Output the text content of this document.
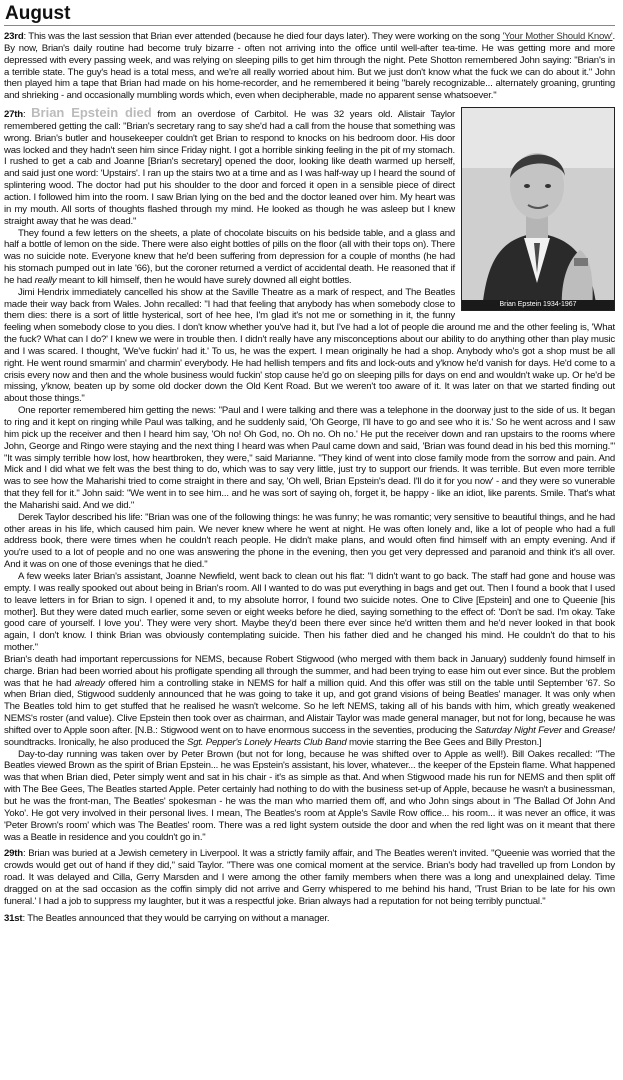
August

23rd: This was the last session that Brian ever attended (because he died four days later). They were working on the song 'Your Mother Should Know'. By now, Brian's daily routine had become truly bizarre - often not arriving into the office until well-after tea-time. He was getting more and more depressed with every passing week, and was relying on sleeping pills to get him through the night. Pete Shotton remembered John saying: "Brian's in a terrible state. The guy's head is a total mess, and we're all really worried about him. But we just don't know what the fuck we can do about it." John then played him a tape that Brian had made on his home-recorder, and he remembered it being "barely recognizable... alternately groaning, grunting and shrieking - and occasionally mumbling words which, even when decipherable, made no apparent sense whatsoever."

Brian Epstein 1934-1967

27th: Brian Epstein died from an overdose of Carbitol. He was 32 years old. Alistair Taylor remembered getting the call: "Brian's secretary rang to say she'd had a call from the house that something was wrong. Brian's butler and housekeeper couldn't get Brian to respond to knocks on his bedroom door. His door was locked and they hadn't seen him since Friday night. I got a horrible sinking feeling in the pit of my stomach. I rushed to get a cab and Joanne [Brian's secretary] opened the door, looking like death warmed up herself, and said just one word: 'Upstairs'. I ran up the stairs two at a time and as I was half-way up I heard the sound of splintering wood. The doctor had put his shoulder to the door and forced it open in a sensible piece of direct action. I followed him into the room. I saw Brian lying on the bed and the doctor leaned over him. My heart was in my mouth. All sorts of thoughts flashed through my mind. He looked as though he was asleep but I knew straight away that he was dead."

They found a few letters on the sheets, a plate of chocolate biscuits on his bedside table, and a glass and half a bottle of lemon on the side. There were also eight bottles of pills on the floor (all with their tops on). There was no suicide note. Everyone knew that he'd been suffering from depression for a couple of months (he had his stomach pumped out in late '66), but the coroner returned a verdict of accidental death. He reasoned that if he had really meant to kill himself, then he would have surely downed all eight bottles.

Jimi Hendrix immediately cancelled his show at the Saville Theatre as a mark of respect, and The Beatles made their way back from Wales. John recalled: "I had that feeling that anybody has when somebody close to them dies: there is a sort of little hysterical, sort of hee hee, I'm glad it's not me or something in it, the funny feeling when somebody close to you dies. I don't know whether you've had it, but I've had a lot of people die around me and the other feeling is, 'What the fuck? What can I do?' I knew we were in trouble then. I didn't really have any misconceptions about our ability to do anything other than play music and I was scared. I thought, 'We've fuckin' had it.' To us, he was the expert. I mean originally he had a shop. Anybody who's got a shop must be all right. He went round smarmin' and charmin' everybody. He had hellish tempers and fits and lock-outs and y'know he'd vanish for days. He'd come to a crisis every now and then and the whole business would fuckin' stop cause he'd go on sleeping pills for days on end and wouldn't wake up. Or he'd be missing, y'know, beaten up by some old docker down the Old Kent Road. But we weren't too aware of it. It was later on that we started finding out about those things."

One reporter remembered him getting the news: "Paul and I were talking and there was a telephone in the doorway just to the side of us. It began to ring and it kept on ringing while Paul was talking, and he suddenly said, 'Oh George, I'll have to go and see who it is.' So he went across and I saw him pick up the receiver and then I heard him say, 'Oh no! Oh God, no. Oh no. Oh no.' He put the receiver down and ran upstairs to the rooms where John, George and Ringo were staying and the next thing I heard was when Paul came down and said, 'Brian was found dead in his bed this morning.'" "It was simply terrible how lost, how heartbroken, they were," said Marianne. "They kind of went into close family mode from the sorrow and pain. And Mick and I did what we felt was the best thing to do, which was to say very little, just try to support our friends. It was terrible. But even more terrible was to see how the Maharishi tried to come straight in there and say, 'Oh well, Brian Epstein's dead. I'll do it for you now' - and they were so vunerable that they fell for it." John said: "We went in to see him... and he was sort of saying oh, forget it, be happy - like an idiot, like parents. Smile. That's what the Maharishi said. And we did."

Derek Taylor described his life: "Brian was one of the following things: he was funny; he was romantic; very sensitive to beautiful things, and he had other areas in his life, which caused him pain. We never knew where he went at night. He was often lonely and, like a lot of people who had a full address book, there were times when he couldn't reach people. He didn't make plans, and would often find himself with an empty evening. And if you're used to a lot of people and no one was answering the phone in the evening, then you get very depressed and paranoid and think it's all over. And it was on one of those evenings that he died."

A few weeks later Brian's assistant, Joanne Newfield, went back to clean out his flat: "I didn't want to go back. The staff had gone and house was empty. I was really spooked out about being in Brian's room. All I wanted to do was put everything in bags and get out. Then I found a book that I used to leave letters in for Brian to sign. I opened it and, to my absolute horror, I found two suicide notes. One to Clive [Epstein] and one to Queenie [his mother]. But they were dated much earlier, some seven or eight weeks before he died, saying something to the effect of: 'Don't be sad. I'm okay. Take good care of yourself. I love you'. They were very short. Maybe they'd been there ever since he'd written them and he'd never looked in that book again, I don't know. I think Brian was obviously contemplating suicide. Then his father died and he changed his mind. He couldn't do that to his mother."

Brian's death had important repercussions for NEMS, because Robert Stigwood (who merged with them back in January) suddenly found himself in charge. Brian had been worried about his profligate spending all through the summer, and had been trying to ease him out ever since. But the problem was that he had already offered him a controlling stake in NEMS for half a million quid. And this offer was still on the table until September '67. So when Brian died, Stigwood suddenly announced that he was going to take it up, and got grand visions of being Beatles' manager. It was only when The Beatles told him to get stuffed that he realised he wasn't welcome. So he left NEMS, taking all of his bands with him, which greatly weakened NEMS's roster (and value). Clive Epstein then took over as chairman, and Alistair Taylor was made general manager, but not for long, because he was shifted over to Apple soon after. [N.B.: Stigwood went on to have enormous success in the seventies, producing the Saturday Night Fever and Grease! soundtracks. Ironically, he also produced the Sgt. Pepper's Lonely Hearts Club Band movie starring the Bee Gees and Billy Preston.]

Day-to-day running was taken over by Peter Brown (but not for long, because he was shifted over to Apple as well!). Bill Oakes recalled: "The Beatles viewed Brown as the spirit of Brian Epstein... he was Epstein's assistant, his lover, whatever... the keeper of the Epstein flame. What happened was that when Brian died, Peter simply went and sat in his chair - it's as simple as that. And when Stigwood made his run for NEMS and then split off with The Bee Gees, The Beatles started Apple. Peter certainly had nothing to do with the business set-up of Apple, because he wasn't a businessman, but he was the front-man, The Beatles' spokesman - he was the man who married them off, and who John sings about in 'The Ballad Of John And Yoko'. He got very involved in their personal lives. I mean, The Beatles's room at Apple's Savile Row office... his room... it was never an office, it was 'Peter Brown's room' which was The Beatles' room. There was a red light system outside the door and when the red light was on it meant that there was a Beatle in residence and you couldn't go in."

29th: Brian was buried at a Jewish cemetery in Liverpool. It was a strictly family affair, and The Beatles weren't invited. "Queenie was worried that the crowds would get out of hand if they did," said Taylor. "There was one comical moment at the service. Brian's body had travelled up from London by road. It was delayed and Cilla, Gerry Marsden and I were among the other family members when there was a long and unexplained delay. Time dragged on at the sad occasion as the coffin simply did not arrive and Gerry whispered to me behind his hand, 'Trust Brian to be late for his own funeral.' I had a job to suppress my laughter, but it was a respectful joke. Brian always had a reputation for not being terribly punctual."

31st: The Beatles announced that they would be carrying on without a manager.
